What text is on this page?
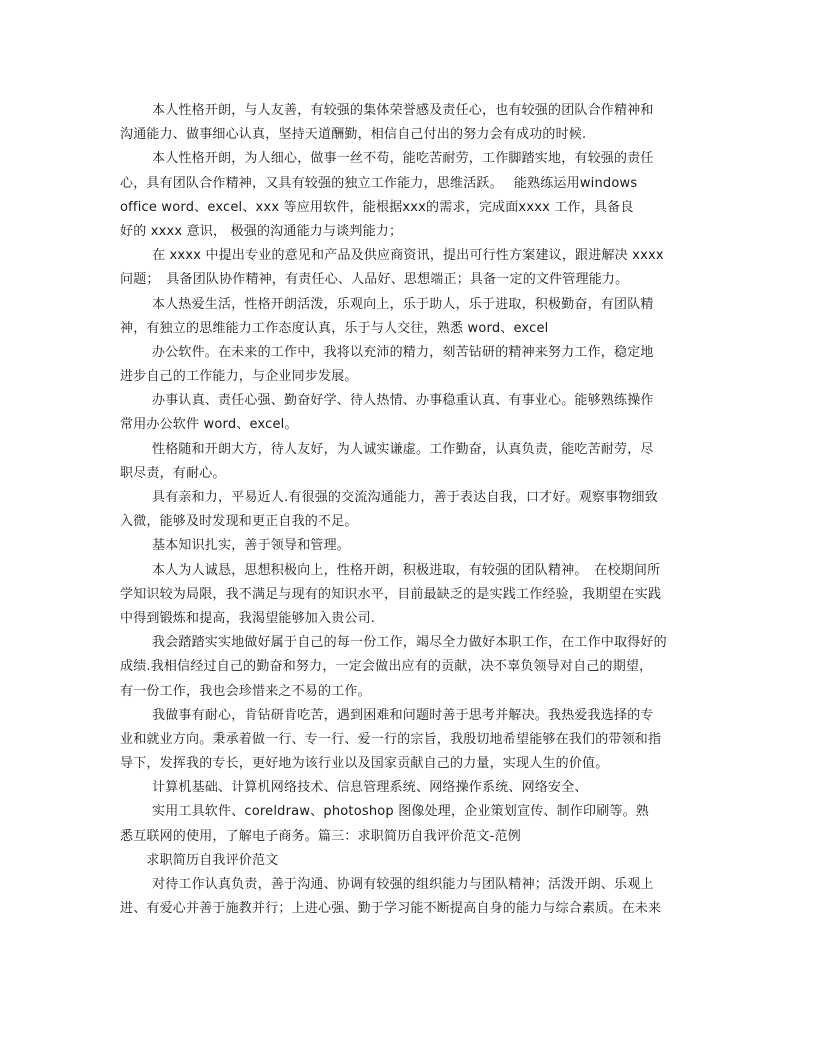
本人性格开朗，与人友善，有较强的集体荣誉感及责任心，也有较强的团队合作精神和
沟通能力、做事细心认真，坚持天道酬勤，相信自己付出的努力会有成功的时候.
本人性格开朗，为人细心，做事一丝不苟，能吃苦耐劳，工作脚踏实地，有较强的责任
心，具有团队合作精神，又具有较强的独立工作能力，思维活跃。　 能熟练运用windows
office word、excel、xxx 等应用软件，能根据xxx的需求，完成面xxxx 工作，具备良
好的 xxxx 意识， 极强的沟通能力与谈判能力；
在 xxxx 中提出专业的意见和产品及供应商资讯，提出可行性方案建议，跟进解决 xxxx
问题；　具备团队协作精神，有责任心、人品好、思想端正；具备一定的文件管理能力。
本人热爱生活，性格开朗活泼，乐观向上，乐于助人，乐于进取，积极勤奋，有团队精
神，有独立的思维能力工作态度认真，乐于与人交往，熟悉 word、excel
办公软件。在未来的工作中，我将以充沛的精力，刻苦钻研的精神来努力工作，稳定地
进步自己的工作能力，与企业同步发展。
办事认真、责任心强、勤奋好学、待人热情、办事稳重认真、有事业心。能够熟练操作
常用办公软件 word、excel。
性格随和开朗大方，待人友好，为人诚实谦虚。工作勤奋，认真负责，能吃苦耐劳，尽
职尽责，有耐心。
具有亲和力，平易近人.有很强的交流沟通能力，善于表达自我，口才好。观察事物细致
入微，能够及时发现和更正自我的不足。
基本知识扎实，善于领导和管理。
本人为人诚恳，思想积极向上，性格开朗，积极进取，有较强的团队精神。　在校期间所
学知识较为局限，我不满足与现有的知识水平，目前最缺乏的是实践工作经验，我期望在实践
中得到锻炼和提高，我渴望能够加入贵公司.
我会踏踏实实地做好属于自己的每一份工作，竭尽全力做好本职工作，在工作中取得好的
成绩.我相信经过自己的勤奋和努力，一定会做出应有的贡献，决不辜负领导对自己的期望，
有一份工作，我也会珍惜来之不易的工作。
我做事有耐心，肯钻研肯吃苦，遇到困难和问题时善于思考并解决。我热爱我选择的专
业和就业方向。秉承着做一行、专一行、爱一行的宗旨，我殷切地希望能够在我们的带领和指
导下，发挥我的专长，更好地为该行业以及国家贡献自己的力量，实现人生的价值。
计算机基础、计算机网络技术、信息管理系统、网络操作系统、网络安全、
实用工具软件、coreldraw、photoshop 图像处理，企业策划宣传、制作印刷等。熟
悉互联网的使用，了解电子商务。篇三：求职简历自我评价范文-范例
　　求职简历自我评价范文
对待工作认真负责，善于沟通、协调有较强的组织能力与团队精神；活泼开朗、乐观上
进、有爱心并善于施教并行；上进心强、勤于学习能不断提高自身的能力与综合素质。在未来
